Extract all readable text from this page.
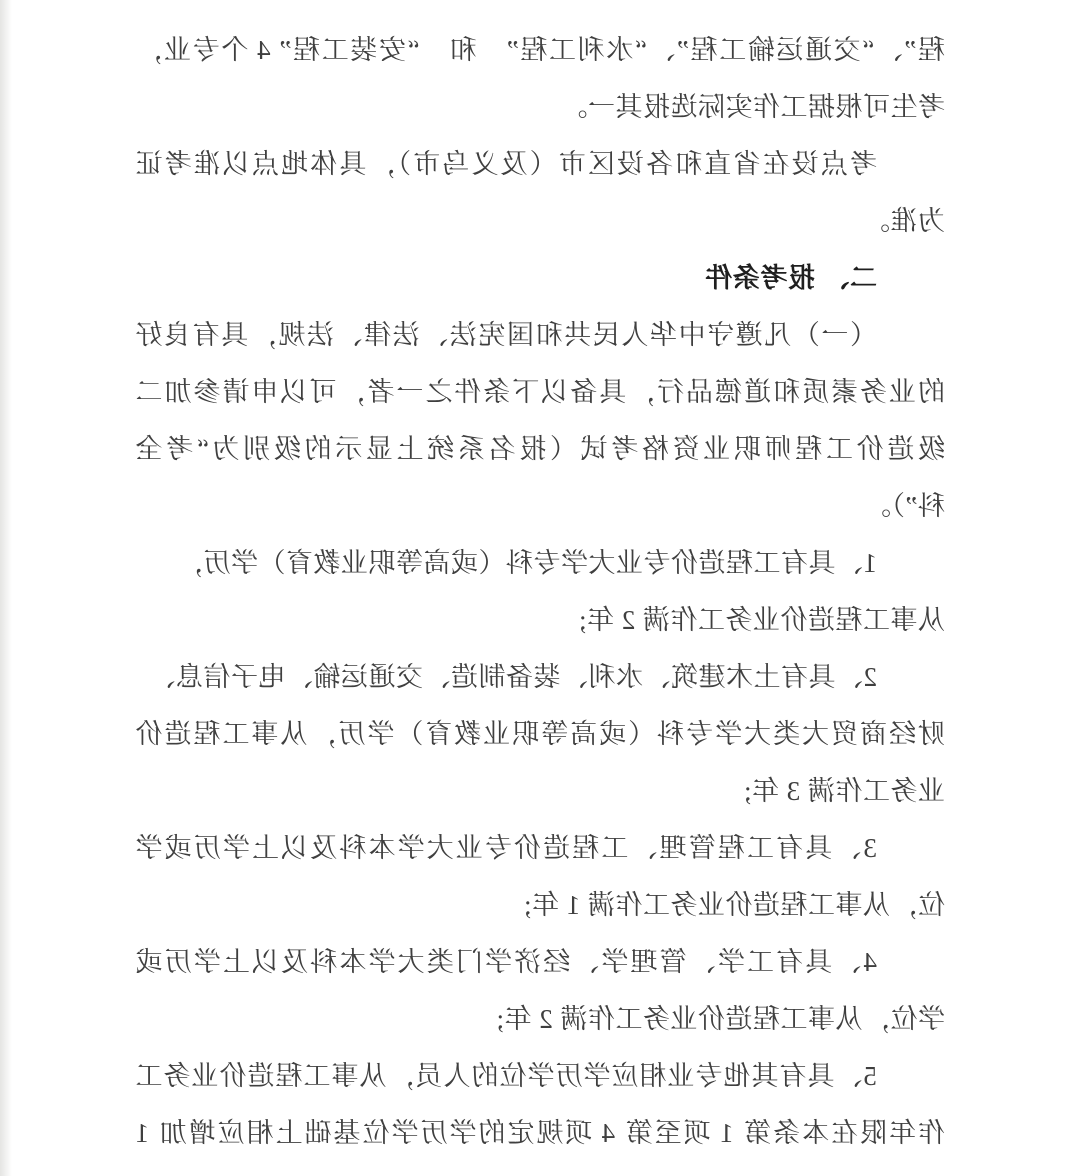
程”、“交通运输工程”、“水利工程”　和　“安装工程” 4 个专业，
考生可根据工作实际选报其一。
考点设在省直和各设区市（及义乌市），具体地点以准考证
为准。
二、 报考条件
（一）凡遵守中华人民共和国宪法、法律、法规，具有良好
的业务素质和道德品行，具备以下条件之一者，可以申请参加二
级造价工程师职业资格考试（报名系统上显示的级别为“考全
科”）。
1、具有工程造价专业大学专科（或高等职业教育）学历，
从事工程造价业务工作满 2 年;
2、具有土木建筑、水利、装备制造、交通运输、电子信息、
财经商贸大类大学专科（或高等职业教育）学历，从事工程造价
业务工作满 3 年;
3、具有工程管理、工程造价专业大学本科及以上学历或学
位，从事工程造价业务工作满 1 年;
4、具有工学、管理学、经济学门类大学本科及以上学历或
学位，从事工程造价业务工作满 2 年;
5、具有其他专业相应学历学位的人员，从事工程造价业务工
作年限在本条第 1 项至第 4 项规定的学历学位基础上相应增加 1
